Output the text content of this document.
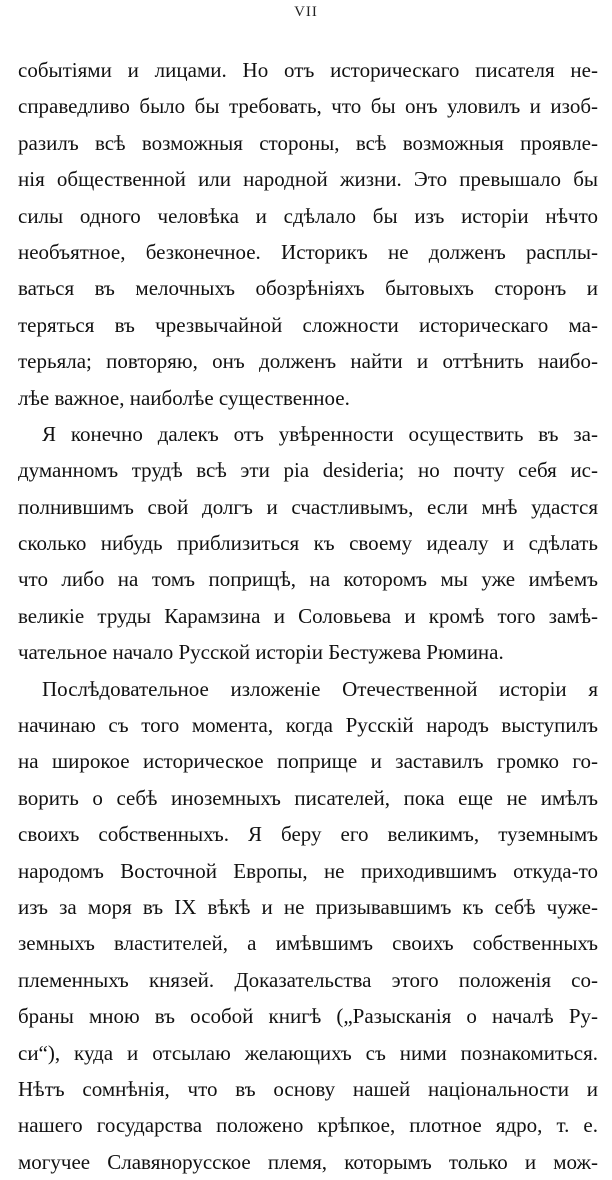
VII
событіями и лицами. Но отъ историческаго писателя не-
справедливо было бы требовать, что бы онъ уловилъ и изоб-
разилъ всѣ возможныя стороны, всѣ возможныя проявле-
нія общественной или народной жизни. Это превышало бы
силы одного человѣка и сдѣлало бы изъ исторіи нѣчто
необъятное, безконечное. Историкъ не долженъ расплы-
ваться въ мелочныхъ обозрѣніяхъ бытовыхъ сторонъ и
теряться въ чрезвычайной сложности историческаго ма-
терьяла; повторяю, онъ долженъ найти и оттѣнить наибо-
лѣе важное, наиболѣе существенное.
Я конечно далекъ отъ увѣренности осуществить въ за-
думанномъ трудѣ всѣ эти pia desideria; но почту себя ис-
полнившимъ свой долгъ и счастливымъ, если мнѣ удастся
сколько нибудь приблизиться къ своему идеалу и сдѣлать
что либо на томъ поприщѣ, на которомъ мы уже имѣемъ
великіе труды Карамзина и Соловьева и кромѣ того замѣ-
чательное начало Русской исторіи Бестужева Рюмина.
Послѣдовательное изложеніе Отечественной исторіи я
начинаю съ того момента, когда Русскій народъ выступилъ
на широкое историческое поприще и заставилъ громко го-
ворить о себѣ иноземныхъ писателей, пока еще не имѣлъ
своихъ собственныхъ. Я беру его великимъ, туземнымъ
народомъ Восточной Европы, не приходившимъ откуда-то
изъ за моря въ IX вѣкѣ и не призывавшимъ къ себѣ чуже-
земныхъ властителей, а имѣвшимъ своихъ собственныхъ
племенныхъ князей. Доказательства этого положенія со-
браны мною въ особой книгѣ („Разысканія о началѣ Ру-
си“), куда и отсылаю желающихъ съ ними познакомиться.
Нѣтъ сомнѣнія, что въ основу нашей національности и
нашего государства положено крѣпкое, плотное ядро, т. е.
могучее Славянорусское племя, которымъ только и мож-
